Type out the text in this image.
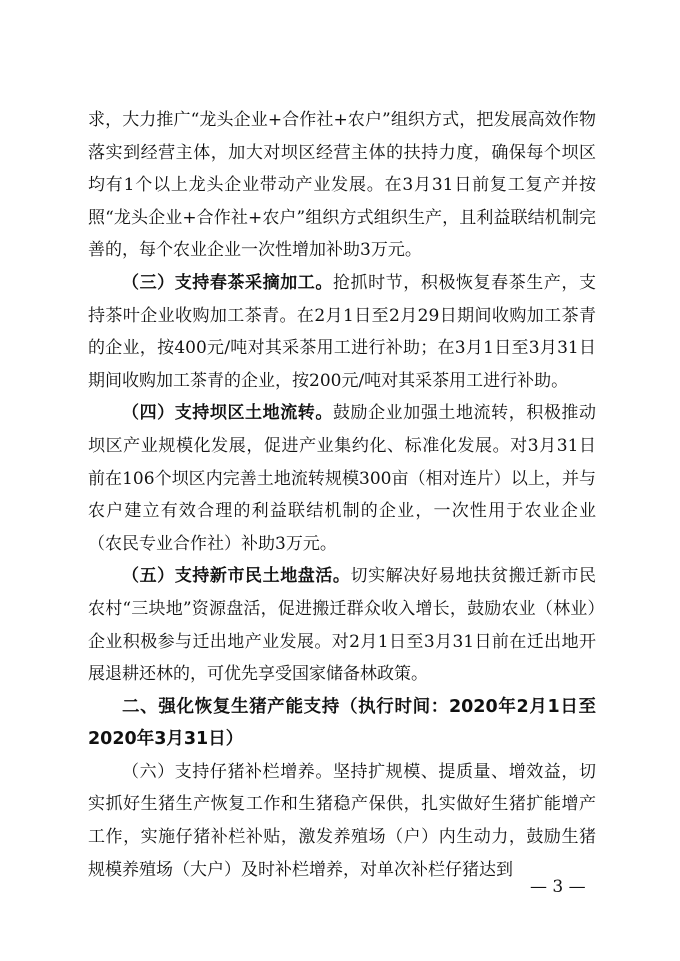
求，大力推广“龙头企业+合作社+农户”组织方式，把发展高效作物落实到经营主体，加大对坝区经营主体的扶持力度，确保每个坝区均有1个以上龙头企业带动产业发展。在3月31日前复工复产并按照“龙头企业+合作社+农户”组织方式组织生产，且利益联结机制完善的，每个农业企业一次性增加补助3万元。

（三）支持春茶采摘加工。抢抓时节，积极恢复春茶生产，支持茶叶企业收购加工茶青。在2月1日至2月29日期间收购加工茶青的企业，按400元/吨对其采茶用工进行补助；在3月1日至3月31日期间收购加工茶青的企业，按200元/吨对其采茶用工进行补助。

（四）支持坝区土地流转。鼓励企业加强土地流转，积极推动坝区产业规模化发展，促进产业集约化、标准化发展。对3月31日前在106个坝区内完善土地流转规模300亩（相对连片）以上，并与农户建立有效合理的利益联结机制的企业，一次性用于农业企业（农民专业合作社）补助3万元。

（五）支持新市民土地盘活。切实解决好易地扶贫搬迁新市民农村“三块地”资源盘活，促进搬迁群众收入增长，鼓励农业（林业）企业积极参与迁出地产业发展。对2月1日至3月31日前在迁出地开展退耕还林的，可优先享受国家储备林政策。

二、强化恢复生猪产能支持（执行时间：2020年2月1日至2020年3月31日）

（六）支持仔猪补栏增养。坚持扩规模、提质量、增效益，切实抓好生猪生产恢复工作和生猪稳产保供，扎实做好生猪扩能增产工作，实施仔猪补栏补贴，激发养殖场（户）内生动力，鼓励生猪规模养殖场（大户）及时补栏增养，对单次补栏仔猪达到

— 3 —
